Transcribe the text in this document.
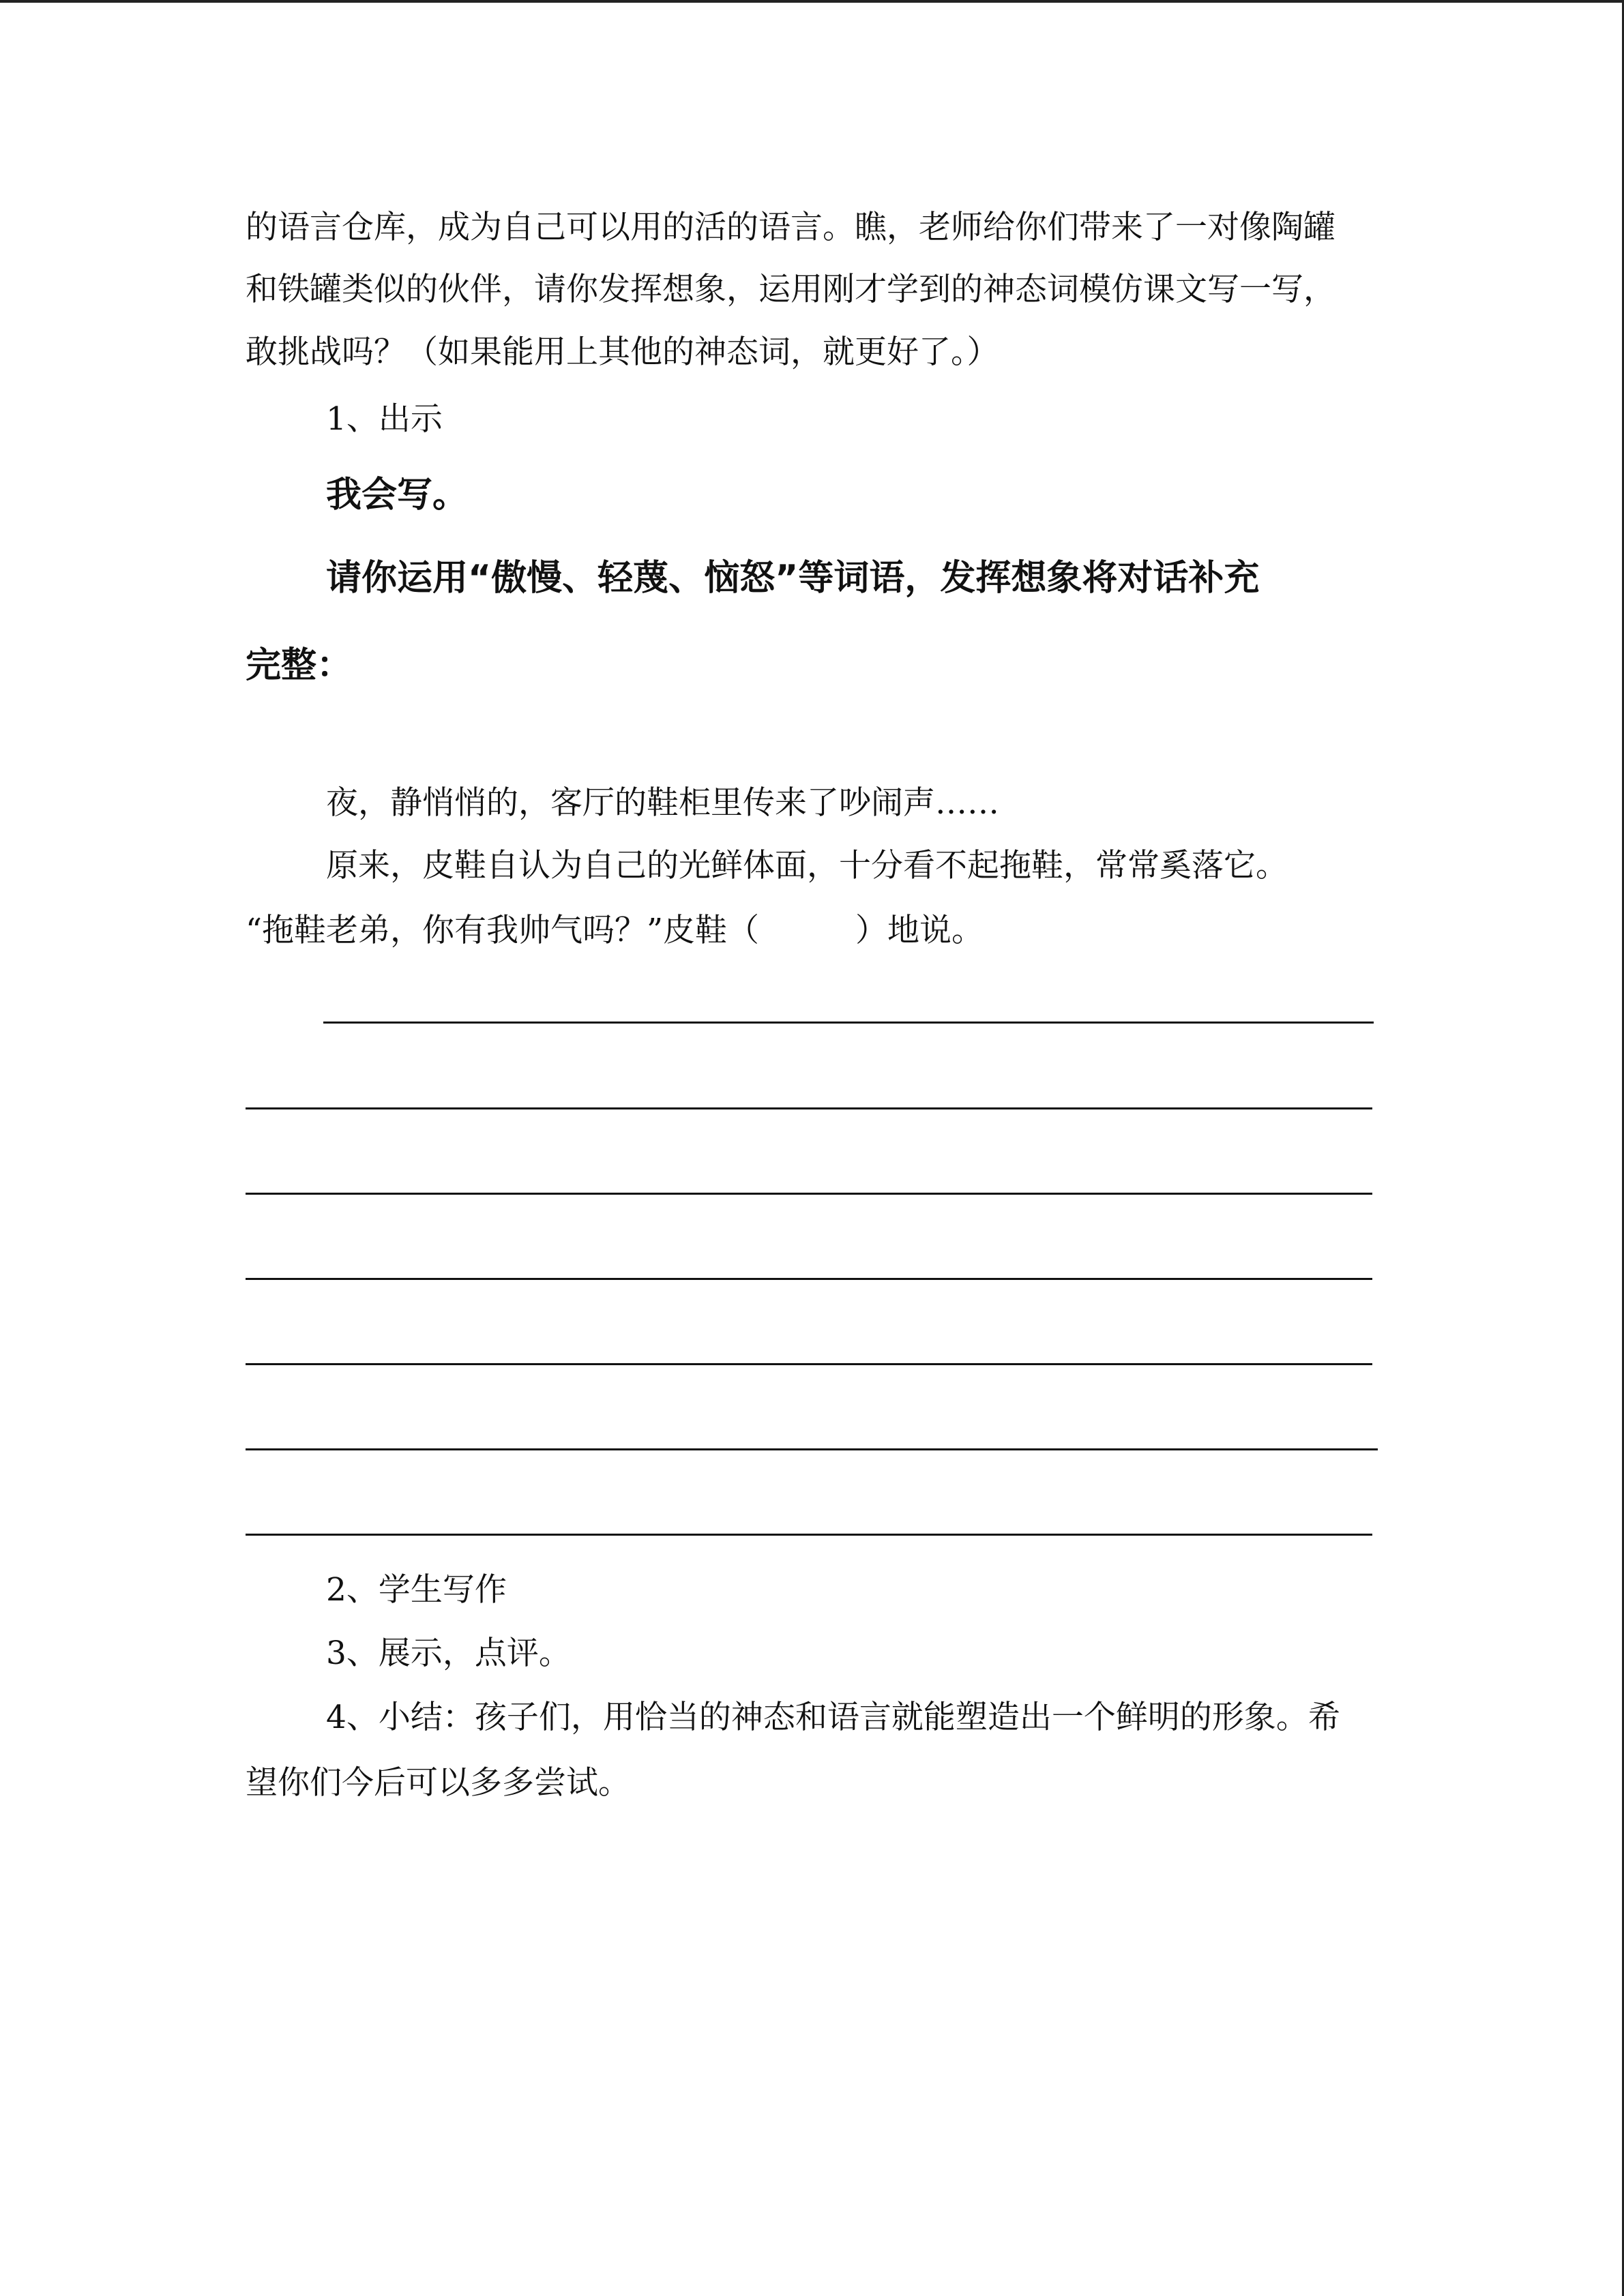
的语言仓库，成为自己可以用的活的语言。瞧，老师给你们带来了一对像陶罐
和铁罐类似的伙伴，请你发挥想象，运用刚才学到的神态词模仿课文写一写，
敢挑战吗？（如果能用上其他的神态词，就更好了。）
1、出示
我会写。
请你运用“傲慢、轻蔑、恼怒”等词语，发挥想象将对话补充
完整：
夜，静悄悄的，客厅的鞋柜里传来了吵闹声……
原来，皮鞋自认为自己的光鲜体面，十分看不起拖鞋，常常奚落它。
“拖鞋老弟，你有我帅气吗？”皮鞋（　　　）地说。
2、学生写作
3、展示，点评。
4、小结：孩子们，用恰当的神态和语言就能塑造出一个鲜明的形象。希
望你们今后可以多多尝试。
